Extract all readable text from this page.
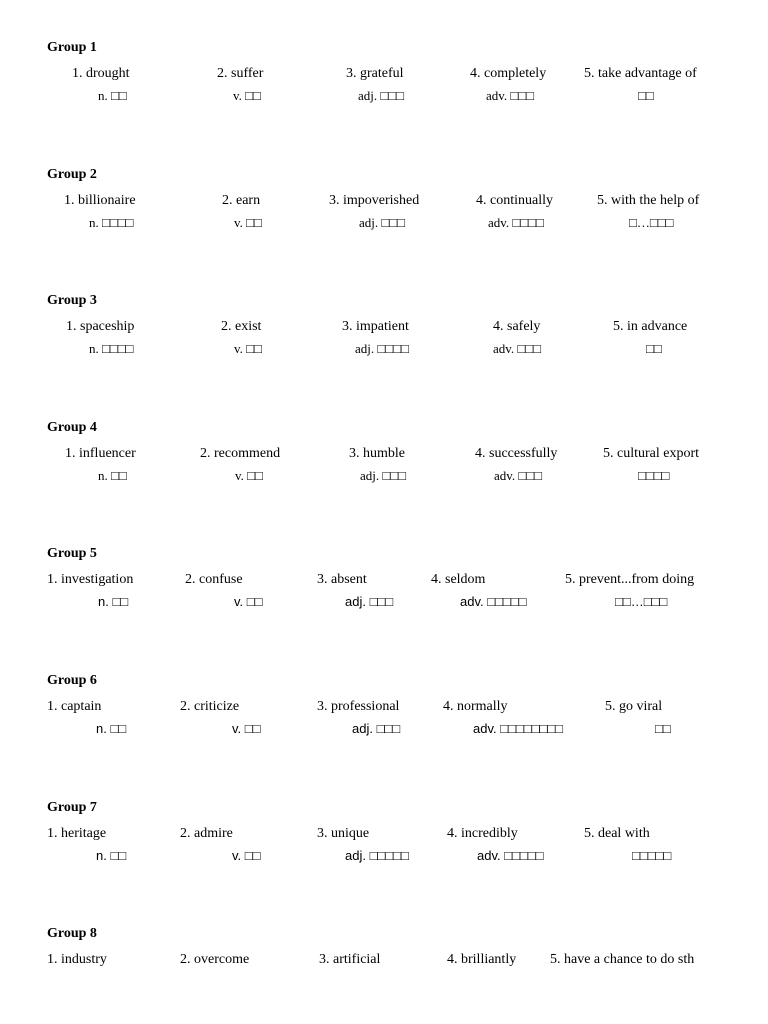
Group 1
1. drought	2. suffer	3. grateful	4. completely	5. take advantage of
n. □□	v. □□	adj. □□□	adv. □□□	□□
Group 2
1. billionaire	2. earn	3. impoverished	4. continually	5. with the help of
n. □□□□	v. □□	adj. □□□	adv. □□□□	□…□□□
Group 3
1. spaceship	2. exist	3. impatient	4. safely	5. in advance
n. □□□□	v. □□	adj. □□□□	adv. □□□	□□
Group 4
1. influencer	2. recommend	3. humble	4. successfully	5. cultural export
n. □□	v. □□	adj. □□□	adv. □□□	□□□□
Group 5
1. investigation	2. confuse	3. absent	4. seldom	5. prevent...from doing
n. □□	v. □□	adj. □□□	adv. □□□□□	□□…□□□
Group 6
1. captain	2. criticize	3. professional	4. normally	5. go viral
n. □□	v. □□	adj. □□□	adv. □□□□□□□□	□□
Group 7
1. heritage	2. admire	3. unique	4. incredibly	5. deal with
n. □□	v. □□	adj. □□□□□	adv. □□□□□	□□□□□
Group 8
1. industry	2. overcome	3. artificial	4. brilliantly 5. have a chance to do sth
